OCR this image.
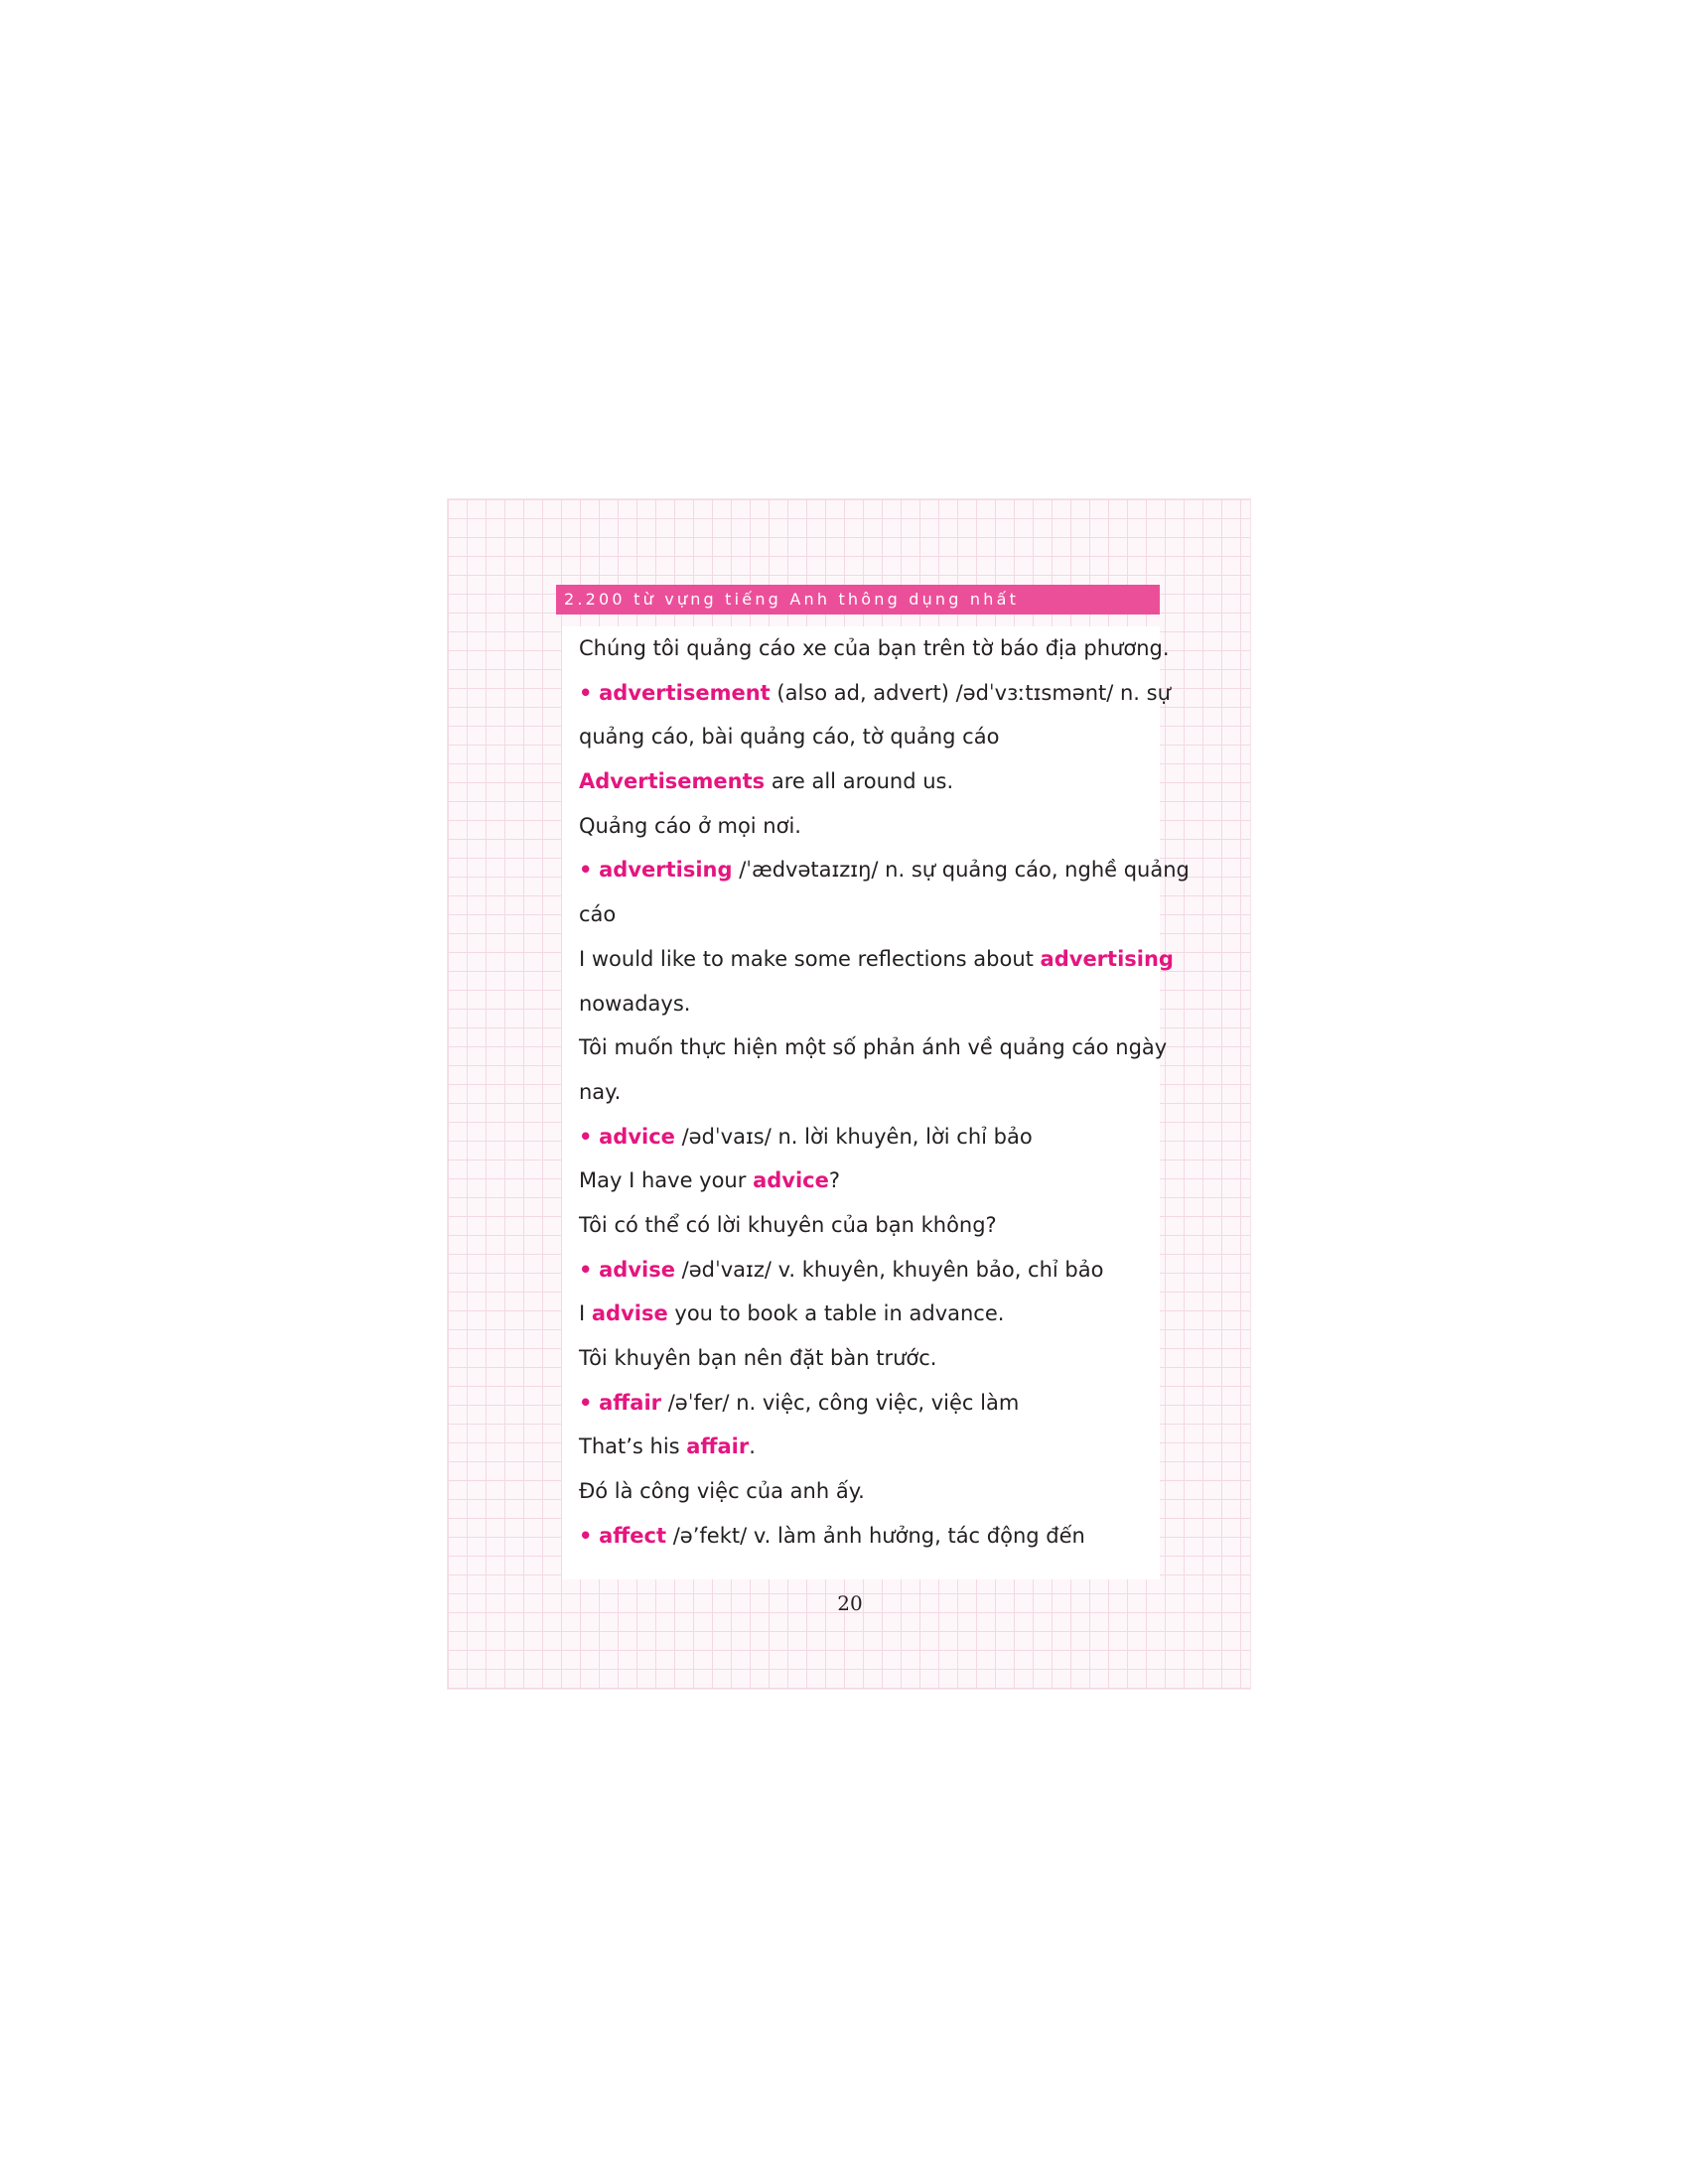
2.200 từ vựng tiếng Anh thông dụng nhất
Chúng tôi quảng cáo xe của bạn trên tờ báo địa phương.
• advertisement (also ad, advert) /ədˈvɜːtɪsmənt/ n. sự
quảng cáo, bài quảng cáo, tờ quảng cáo
Advertisements are all around us.
Quảng cáo ở mọi nơi.
• advertising /ˈædvətaɪzɪŋ/ n. sự quảng cáo, nghề quảng
cáo
I would like to make some reflections about advertising
nowadays.
Tôi muốn thực hiện một số phản ánh về quảng cáo ngày
nay.
• advice /ədˈvaɪs/ n. lời khuyên, lời chỉ bảo
May I have your advice?
Tôi có thể có lời khuyên của bạn không?
• advise /ədˈvaɪz/ v. khuyên, khuyên bảo, chỉ bảo
I advise you to book a table in advance.
Tôi khuyên bạn nên đặt bàn trước.
• affair /əˈfer/ n. việc, công việc, việc làm
That’s his affair.
Đó là công việc của anh ấy.
• affect /ə’fekt/ v. làm ảnh hưởng, tác động đến
20
